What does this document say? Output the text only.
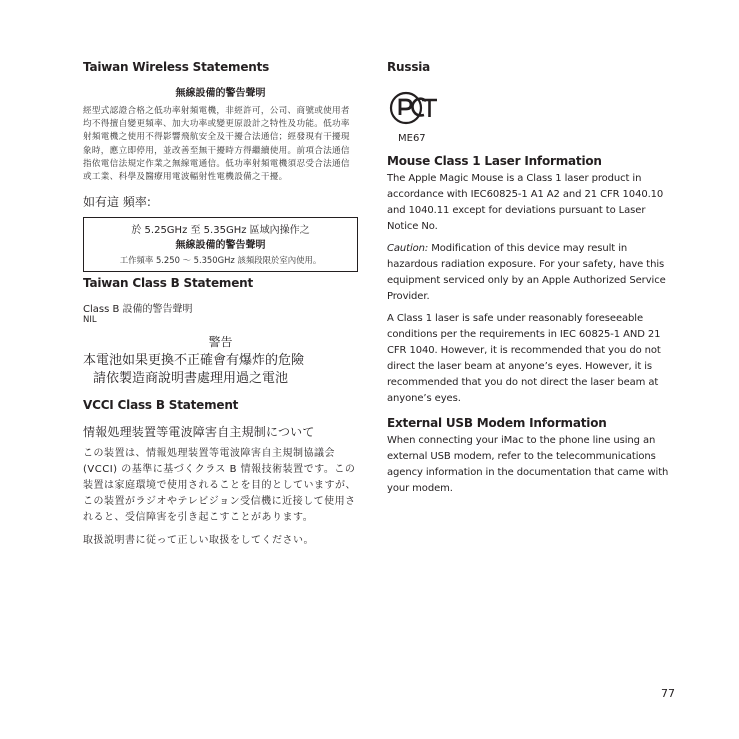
Taiwan Wireless Statements
無線設備的警告聲明

經型式認證合格之低功率射頻電機，非經許可，公司、商號或使用者均不得擅自變更頻率、加大功率或變更原設計之特性及功能。低功率射頻電機之使用不得影響飛航安全及干擾合法通信；經發現有干擾現象時，應立即停用，並改善至無干擾時方得繼續使用。前項合法通信指依電信法規定作業之無線電通信。低功率射頻電機須忍受合法通信或工業、科學及醫療用電波輻射性電機設備之干擾。

如有這 頻率:
於 5.25GHz 至 5.35GHz 區域內操作之
無線設備的警告聲明
工作頻率 5.250 ～ 5.350GHz 該頻段限於室內使用。
Taiwan Class B Statement
Class B 設備的警告聲明
NIL
警告

本電池如果更換不正確會有爆炸的危險

請依製造商說明書處理用過之電池

VCCI Class B Statement
情報処理装置等電波障害自主規制について

この装置は、情報処理装置等電波障害自主規制協議会 (VCCI) の基準に基づくクラス B 情報技術装置です。この装置は家庭環境で使用されることを目的としていますが、この装置がラジオやテレビジョン受信機に近接して使用されると、受信障害を引き起こすことがあります。

取扱説明書に従って正しい取扱をしてください。

Russia
ME67
Mouse Class 1 Laser Information

The Apple Magic Mouse is a Class 1 laser product in accordance with IEC60825-1 A1 A2 and 21 CFR 1040.10 and 1040.11 except for deviations pursuant to Laser Notice No.

Caution: Modification of this device may result in hazardous radiation exposure. For your safety, have this equipment serviced only by an Apple Authorized Service Provider.

A Class 1 laser is safe under reasonably foreseeable conditions per the requirements in IEC 60825-1 AND 21 CFR 1040. However, it is recommended that you do not direct the laser beam at anyone’s eyes. However, it is recommended that you do not direct the laser beam at anyone’s eyes.

External USB Modem Information

When connecting your iMac to the phone line using an external USB modem, refer to the telecommunications agency information in the documentation that came with your modem.

77
